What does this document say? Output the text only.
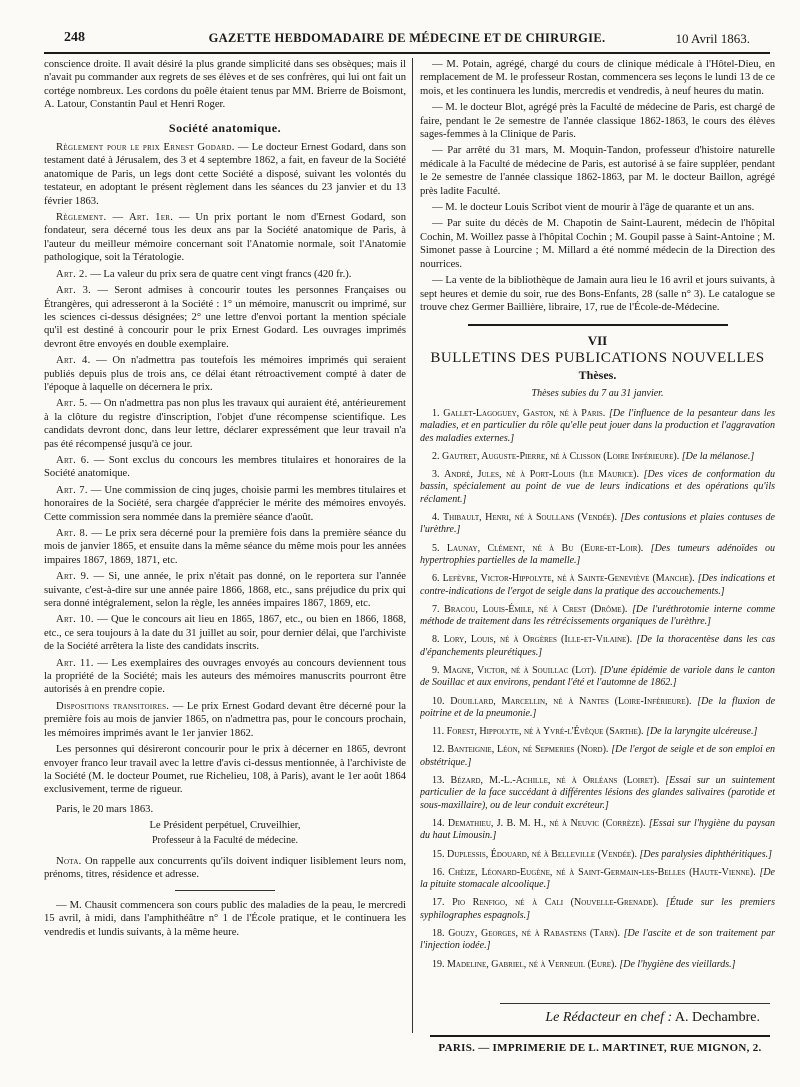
248	GAZETTE HEBDOMADAIRE DE MÉDECINE ET DE CHIRURGIE.	10 Avril 1863.

conscience droite. Il avait désiré la plus grande simplicité dans ses obsèques; mais il n'avait pu commander aux regrets de ses élèves et de ses confrères, qui lui ont fait un cortége nombreux. Les cordons du poêle étaient tenus par MM. Brierre de Boismont, A. Latour, Constantin Paul et Henri Roger.

Société anatomique.

Règlement pour le prix Ernest Godard. — Le docteur Ernest Godard, dans son testament daté à Jérusalem, des 3 et 4 septembre 1862, a fait, en faveur de la Société anatomique de Paris, un legs dont cette Société a disposé, suivant les volontés du testateur, en adoptant le présent règlement dans les séances du 23 janvier et du 13 février 1863.

Règlement. — Art. 1er. — Un prix portant le nom d'Ernest Godard, son fondateur, sera décerné tous les deux ans par la Société anatomique de Paris, à l'auteur du meilleur mémoire concernant soit l'Anatomie normale, soit l'Anatomie pathologique, soit la Tératologie.

Art. 2. — La valeur du prix sera de quatre cent vingt francs (420 fr.).

Art. 3. — Seront admises à concourir toutes les personnes Françaises ou Étrangères, qui adresseront à la Société : 1° un mémoire, manuscrit ou imprimé, sur les sciences ci-dessus désignées; 2° une lettre d'envoi portant la mention spéciale qu'il est destiné à concourir pour le prix Ernest Godard. Les ouvrages imprimés devront être envoyés en double exemplaire.

Art. 4. — On n'admettra pas toutefois les mémoires imprimés qui seraient publiés depuis plus de trois ans, ce délai étant rétroactivement compté à dater de l'époque à laquelle on décernera le prix.

Art. 5. — On n'admettra pas non plus les travaux qui auraient été, antérieurement à la clôture du registre d'inscription, l'objet d'une récompense scientifique. Les candidats devront donc, dans leur lettre, déclarer expressément que leur travail n'a pas été récompensé jusqu'à ce jour.

Art. 6. — Sont exclus du concours les membres titulaires et honoraires de la Société anatomique.

Art. 7. — Une commission de cinq juges, choisie parmi les membres titulaires et honoraires de la Société, sera chargée d'apprécier le mérite des mémoires envoyés. Cette commission sera nommée dans la première séance d'août.

Art. 8. — Le prix sera décerné pour la première fois dans la première séance du mois de janvier 1865, et ensuite dans la même séance du même mois pour les années impaires 1867, 1869, 1871, etc.

Art. 9. — Si, une année, le prix n'était pas donné, on le reportera sur l'année suivante, c'est-à-dire sur une année paire 1866, 1868, etc., sans préjudice du prix qui sera donné intégralement, selon la règle, les années impaires 1867, 1869, etc.

Art. 10. — Que le concours ait lieu en 1865, 1867, etc., ou bien en 1866, 1868, etc., ce sera toujours à la date du 31 juillet au soir, pour dernier délai, que l'archiviste de la Société arrêtera la liste des candidats inscrits.

Art. 11. — Les exemplaires des ouvrages envoyés au concours deviennent tous la propriété de la Société; mais les auteurs des mémoires manuscrits pourront être autorisés à en prendre copie.

Dispositions transitoires. — Le prix Ernest Godard devant être décerné pour la première fois au mois de janvier 1865, on n'admettra pas, pour le concours prochain, les mémoires imprimés avant le 1er janvier 1862.

Les personnes qui désireront concourir pour le prix à décerner en 1865, devront envoyer franco leur travail avec la lettre d'avis ci-dessus mentionnée, à l'archiviste de la Société (M. le docteur Poumet, rue Richelieu, 108, à Paris), avant le 1er août 1864 exclusivement, terme de rigueur.

Paris, le 20 mars 1863.

Le Président perpétuel, Cruveilhier,
Professeur à la Faculté de médecine.

Nota. On rappelle aux concurrents qu'ils doivent indiquer lisiblement leurs nom, prénoms, titres, résidence et adresse.

— M. Chausit commencera son cours public des maladies de la peau, le mercredi 15 avril, à midi, dans l'amphithéâtre n° 1 de l'École pratique, et le continuera les vendredis et lundis suivants, à la même heure.

— M. Potain, agrégé, chargé du cours de clinique médicale à l'Hôtel-Dieu, en remplacement de M. le professeur Rostan, commencera ses leçons le lundi 13 de ce mois, et les continuera les lundis, mercredis et vendredis, à neuf heures du matin.

— M. le docteur Blot, agrégé près la Faculté de médecine de Paris, est chargé de faire, pendant le 2e semestre de l'année classique 1862-1863, le cours des élèves sages-femmes à la Clinique de Paris.

— Par arrêté du 31 mars, M. Moquin-Tandon, professeur d'histoire naturelle médicale à la Faculté de médecine de Paris, est autorisé à se faire suppléer, pendant le 2e semestre de l'année classique 1862-1863, par M. le docteur Baillon, agrégé près ladite Faculté.

— M. le docteur Louis Scribot vient de mourir à l'âge de quarante et un ans.

— Par suite du décès de M. Chapotin de Saint-Laurent, médecin de l'hôpital Cochin, M. Woillez passe à l'hôpital Cochin ; M. Goupil passe à Saint-Antoine ; M. Simonet passe à Lourcine ; M. Millard a été nommé médecin de la Direction des nourrices.

— La vente de la bibliothèque de Jamain aura lieu le 16 avril et jours suivants, à sept heures et demie du soir, rue des Bons-Enfants, 28 (salle n° 3). Le catalogue se trouve chez Germer Baillière, libraire, 17, rue de l'École-de-Médecine.

VII
BULLETINS DES PUBLICATIONS NOUVELLES
Thèses.
Thèses subies du 7 au 31 janvier.
1. Gallet-Lagoguey, Gaston, né à Paris. [De l'influence de la pesanteur dans les maladies, et en particulier du rôle qu'elle peut jouer dans la production et l'aggravation des maladies externes.]
2. Gautret, Auguste-Pierre, né à Clisson (Loire Inférieure). [De la mélanose.]
3. André, Jules, né à Port-Louis (île Maurice). [Des vices de conformation du bassin, spécialement au point de vue de leurs indications et des opérations qu'ils réclament.]
4. Thibault, Henri, né à Soullans (Vendée). [Des contusions et plaies contuses de l'urèthre.]
5. Launay, Clément, né à Bu (Eure-et-Loir). [Des tumeurs adénoïdes ou hypertrophies partielles de la mamelle.]
6. Lefèvre, Victor-Hippolyte, né à Sainte-Geneviève (Manche). [Des indications et contre-indications de l'ergot de seigle dans la pratique des accouchements.]
7. Bracou, Louis-Émile, né à Crest (Drôme). [De l'uréthrotomie interne comme méthode de traitement dans les rétrécissements organiques de l'urèthre.]
8. Lory, Louis, né à Orgères (Ille-et-Vilaine). [De la thoracentèse dans les cas d'épanchements pleurétiques.]
9. Magne, Victor, né à Souillac (Lot). [D'une épidémie de variole dans le canton de Souillac et aux environs, pendant l'été et l'automne de 1862.]
10. Douillard, Marcellin, né à Nantes (Loire-Inférieure). [De la fluxion de poitrine et de la pneumonie.]
11. Forest, Hippolyte, né à Yvré-l'Évêque (Sarthe). [De la laryngite ulcéreuse.]
12. Banteignie, Léon, né Sepmeries (Nord). [De l'ergot de seigle et de son emploi en obstétrique.]
13. Bézard, M.-L.-Achille, né à Orléans (Loiret). [Essai sur un suintement particulier de la face succédant à différentes lésions des glandes salivaires (parotide et sous-maxillaire), ou de leur conduit excréteur.]
14. Demathieu, J. B. M. H., né à Neuvic (Corrèze). [Essai sur l'hygiène du paysan du haut Limousin.]
15. Duplessis, Édouard, né à Belleville (Vendée). [Des paralysies diphthéritiques.]
16. Chèize, Léonard-Eugène, né à Saint-Germain-les-Belles (Haute-Vienne). [De la pituite stomacale alcoolique.]
17. Pio Renfigo, né à Cali (Nouvelle-Grenade). [Étude sur les premiers syphilographes espagnols.]
18. Gouzy, Georges, né à Rabastens (Tarn). [De l'ascite et de son traitement par l'injection iodée.]
19. Madeline, Gabriel, né à Verneuil (Eure). [De l'hygiène des vieillards.]
Le Rédacteur en chef : A. Dechambre.
PARIS. — IMPRIMERIE DE L. MARTINET, RUE MIGNON, 2.
